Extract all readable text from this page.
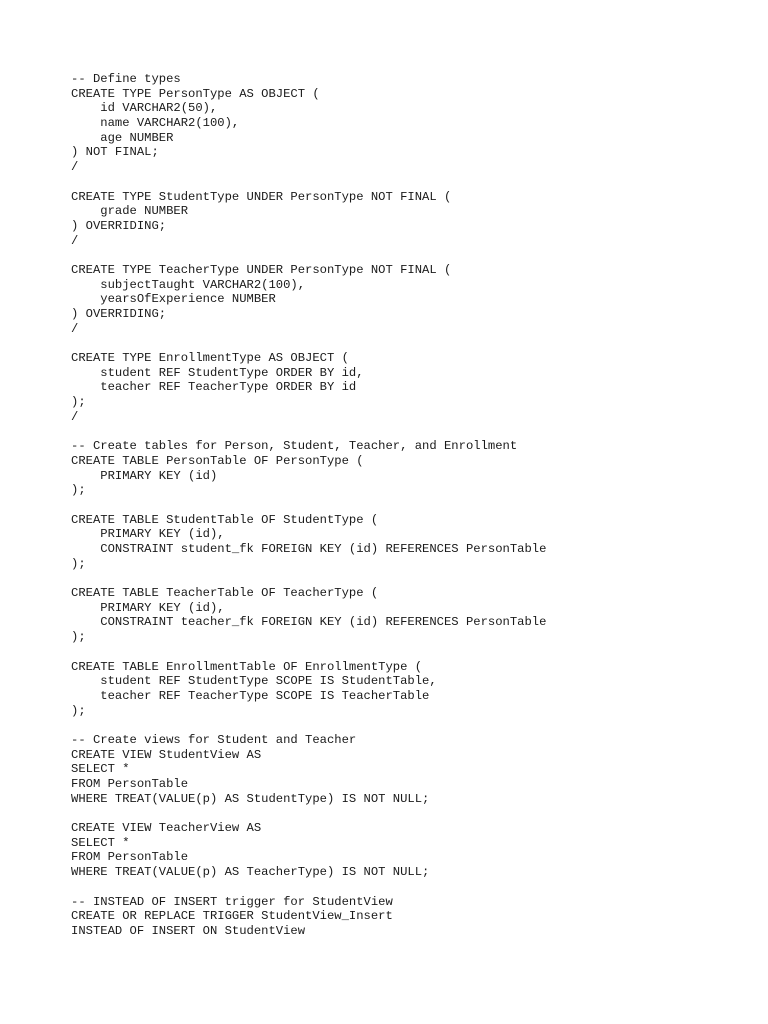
-- Define types
CREATE TYPE PersonType AS OBJECT (
id VARCHAR2(50),
name VARCHAR2(100),
age NUMBER
) NOT FINAL;
/
CREATE TYPE StudentType UNDER PersonType NOT FINAL (
grade NUMBER
) OVERRIDING;
/
CREATE TYPE TeacherType UNDER PersonType NOT FINAL (
subjectTaught VARCHAR2(100),
yearsOfExperience NUMBER
) OVERRIDING;
/
CREATE TYPE EnrollmentType AS OBJECT (
student REF StudentType ORDER BY id,
teacher REF TeacherType ORDER BY id
);
/
-- Create tables for Person, Student, Teacher, and Enrollment
CREATE TABLE PersonTable OF PersonType (
PRIMARY KEY (id)
);
CREATE TABLE StudentTable OF StudentType (
PRIMARY KEY (id),
CONSTRAINT student_fk FOREIGN KEY (id) REFERENCES PersonTable
);
CREATE TABLE TeacherTable OF TeacherType (
PRIMARY KEY (id),
CONSTRAINT teacher_fk FOREIGN KEY (id) REFERENCES PersonTable
);
CREATE TABLE EnrollmentTable OF EnrollmentType (
student REF StudentType SCOPE IS StudentTable,
teacher REF TeacherType SCOPE IS TeacherTable
);
-- Create views for Student and Teacher
CREATE VIEW StudentView AS
SELECT *
FROM PersonTable
WHERE TREAT(VALUE(p) AS StudentType) IS NOT NULL;
CREATE VIEW TeacherView AS
SELECT *
FROM PersonTable
WHERE TREAT(VALUE(p) AS TeacherType) IS NOT NULL;
-- INSTEAD OF INSERT trigger for StudentView
CREATE OR REPLACE TRIGGER StudentView_Insert
INSTEAD OF INSERT ON StudentView
